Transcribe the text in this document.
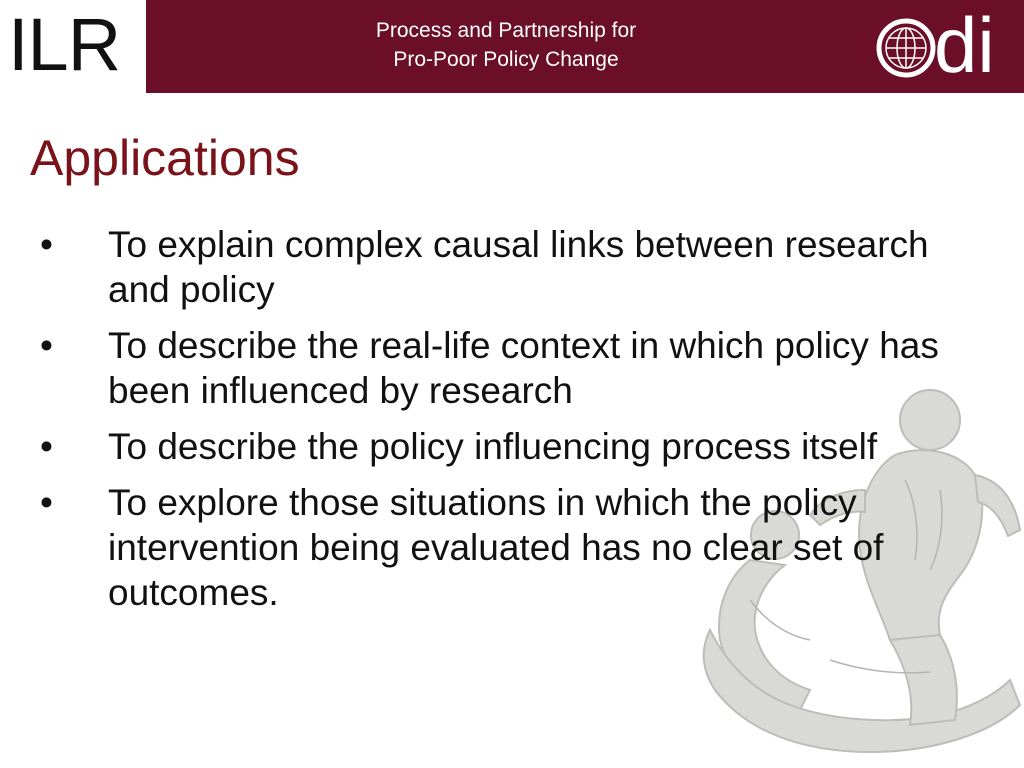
Process and Partnership for
Pro-Poor Policy Change
ILRI	di
Applications
•	To explain complex causal links between research and policy
•	To describe the real-life context in which policy has been influenced by research
•	To describe the policy influencing process itself
•	To explore those situations in which the policy intervention being evaluated has no clear set of outcomes.
